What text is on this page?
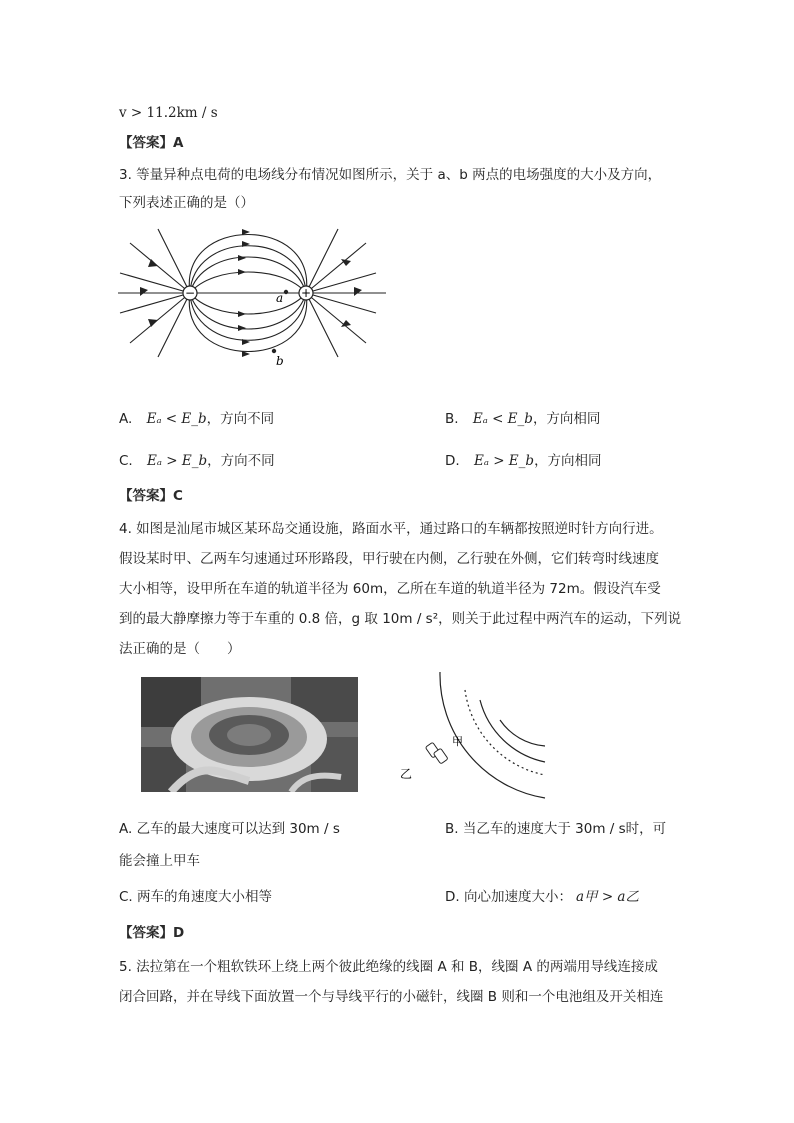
v > 11.2km / s
【答案】A
3. 等量异种点电荷的电场线分布情况如图所示，关于 a、b 两点的电场强度的大小及方向，
下列表述正确的是（）
−	+
a
b
A. Eₐ < E_b，方向不同	B. Eₐ < E_b，方向相同
C. Eₐ > E_b，方向不同	D. Eₐ > E_b，方向相同
【答案】C
4. 如图是汕尾市城区某环岛交通设施，路面水平，通过路口的车辆都按照逆时针方向行进。
假设某时甲、乙两车匀速通过环形路段，甲行驶在内侧，乙行驶在外侧，它们转弯时线速度
大小相等，设甲所在车道的轨道半径为 60m，乙所在车道的轨道半径为 72m。假设汽车受
到的最大静摩擦力等于车重的 0.8 倍，g 取 10m / s²，则关于此过程中两汽车的运动，下列说
法正确的是（　　）
甲
乙
A. 乙车的最大速度可以达到 30m / s	B. 当乙车的速度大于 30m / s时，可
能会撞上甲车
C. 两车的角速度大小相等	D. 向心加速度大小： a甲 > a乙
【答案】D
5. 法拉第在一个粗软铁环上绕上两个彼此绝缘的线圈 A 和 B，线圈 A 的两端用导线连接成
闭合回路，并在导线下面放置一个与导线平行的小磁针，线圈 B 则和一个电池组及开关相连
